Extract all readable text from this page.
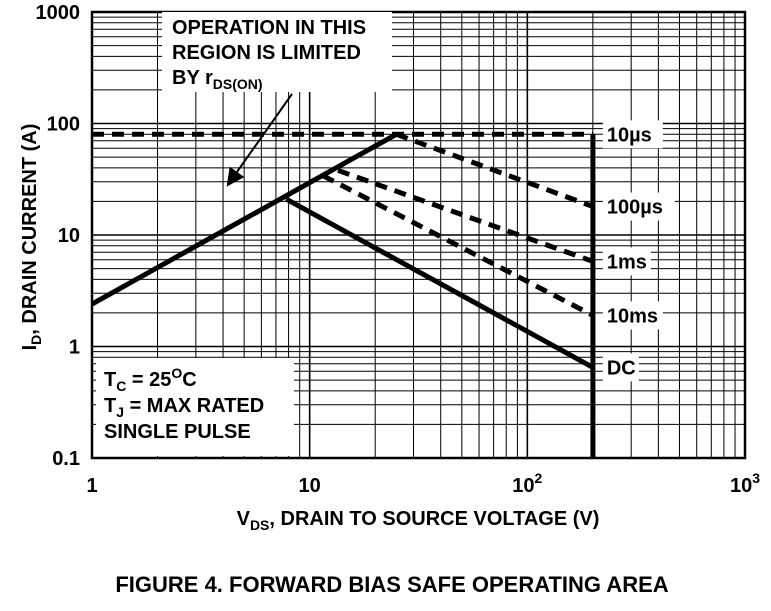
10µs
100µs
1ms
10ms
DC
0.1
1
10
100
1000
1	10	$10^2$	$10^3$
OPERATION IN THIS
REGION IS LIMITED
BY $r_{DS(ON)}$
$T_C = 25^OC$
$T_J$ = MAX RATED
SINGLE PULSE
$V_{DS}$, DRAIN TO SOURCE VOLTAGE (V)
$I_D$, DRAIN CURRENT (A)
FIGURE 4. FORWARD BIAS SAFE OPERATING AREA
